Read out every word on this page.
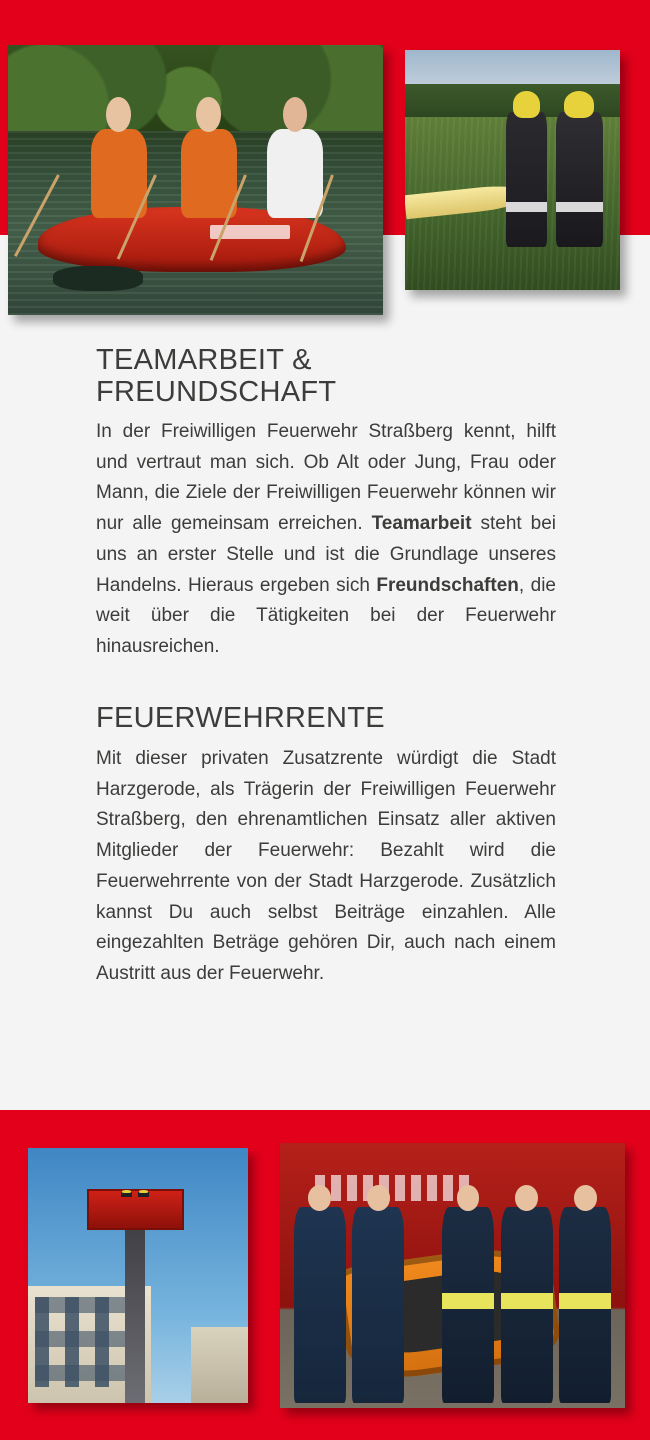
TEAMARBEIT & FREUNDSCHAFT

In der Freiwilligen Feuerwehr Straßberg kennt, hilft und vertraut man sich. Ob Alt oder Jung, Frau oder Mann, die Ziele der Freiwilligen Feuerwehr können wir nur alle gemeinsam erreichen. Teamarbeit steht bei uns an erster Stelle und ist die Grundlage unseres Handelns. Hieraus ergeben sich Freundschaften, die weit über die Tätigkeiten bei der Feuerwehr hinausreichen.

FEUERWEHRRENTE

Mit dieser privaten Zusatzrente würdigt die Stadt Harzgerode, als Trägerin der Freiwilligen Feuerwehr Straßberg, den ehrenamtlichen Einsatz aller aktiven Mitglieder der Feuerwehr: Bezahlt wird die Feuerwehrrente von der Stadt Harzgerode. Zusätzlich kannst Du auch selbst Beiträge einzahlen. Alle eingezahlten Beträge gehören Dir, auch nach einem Austritt aus der Feuerwehr.
